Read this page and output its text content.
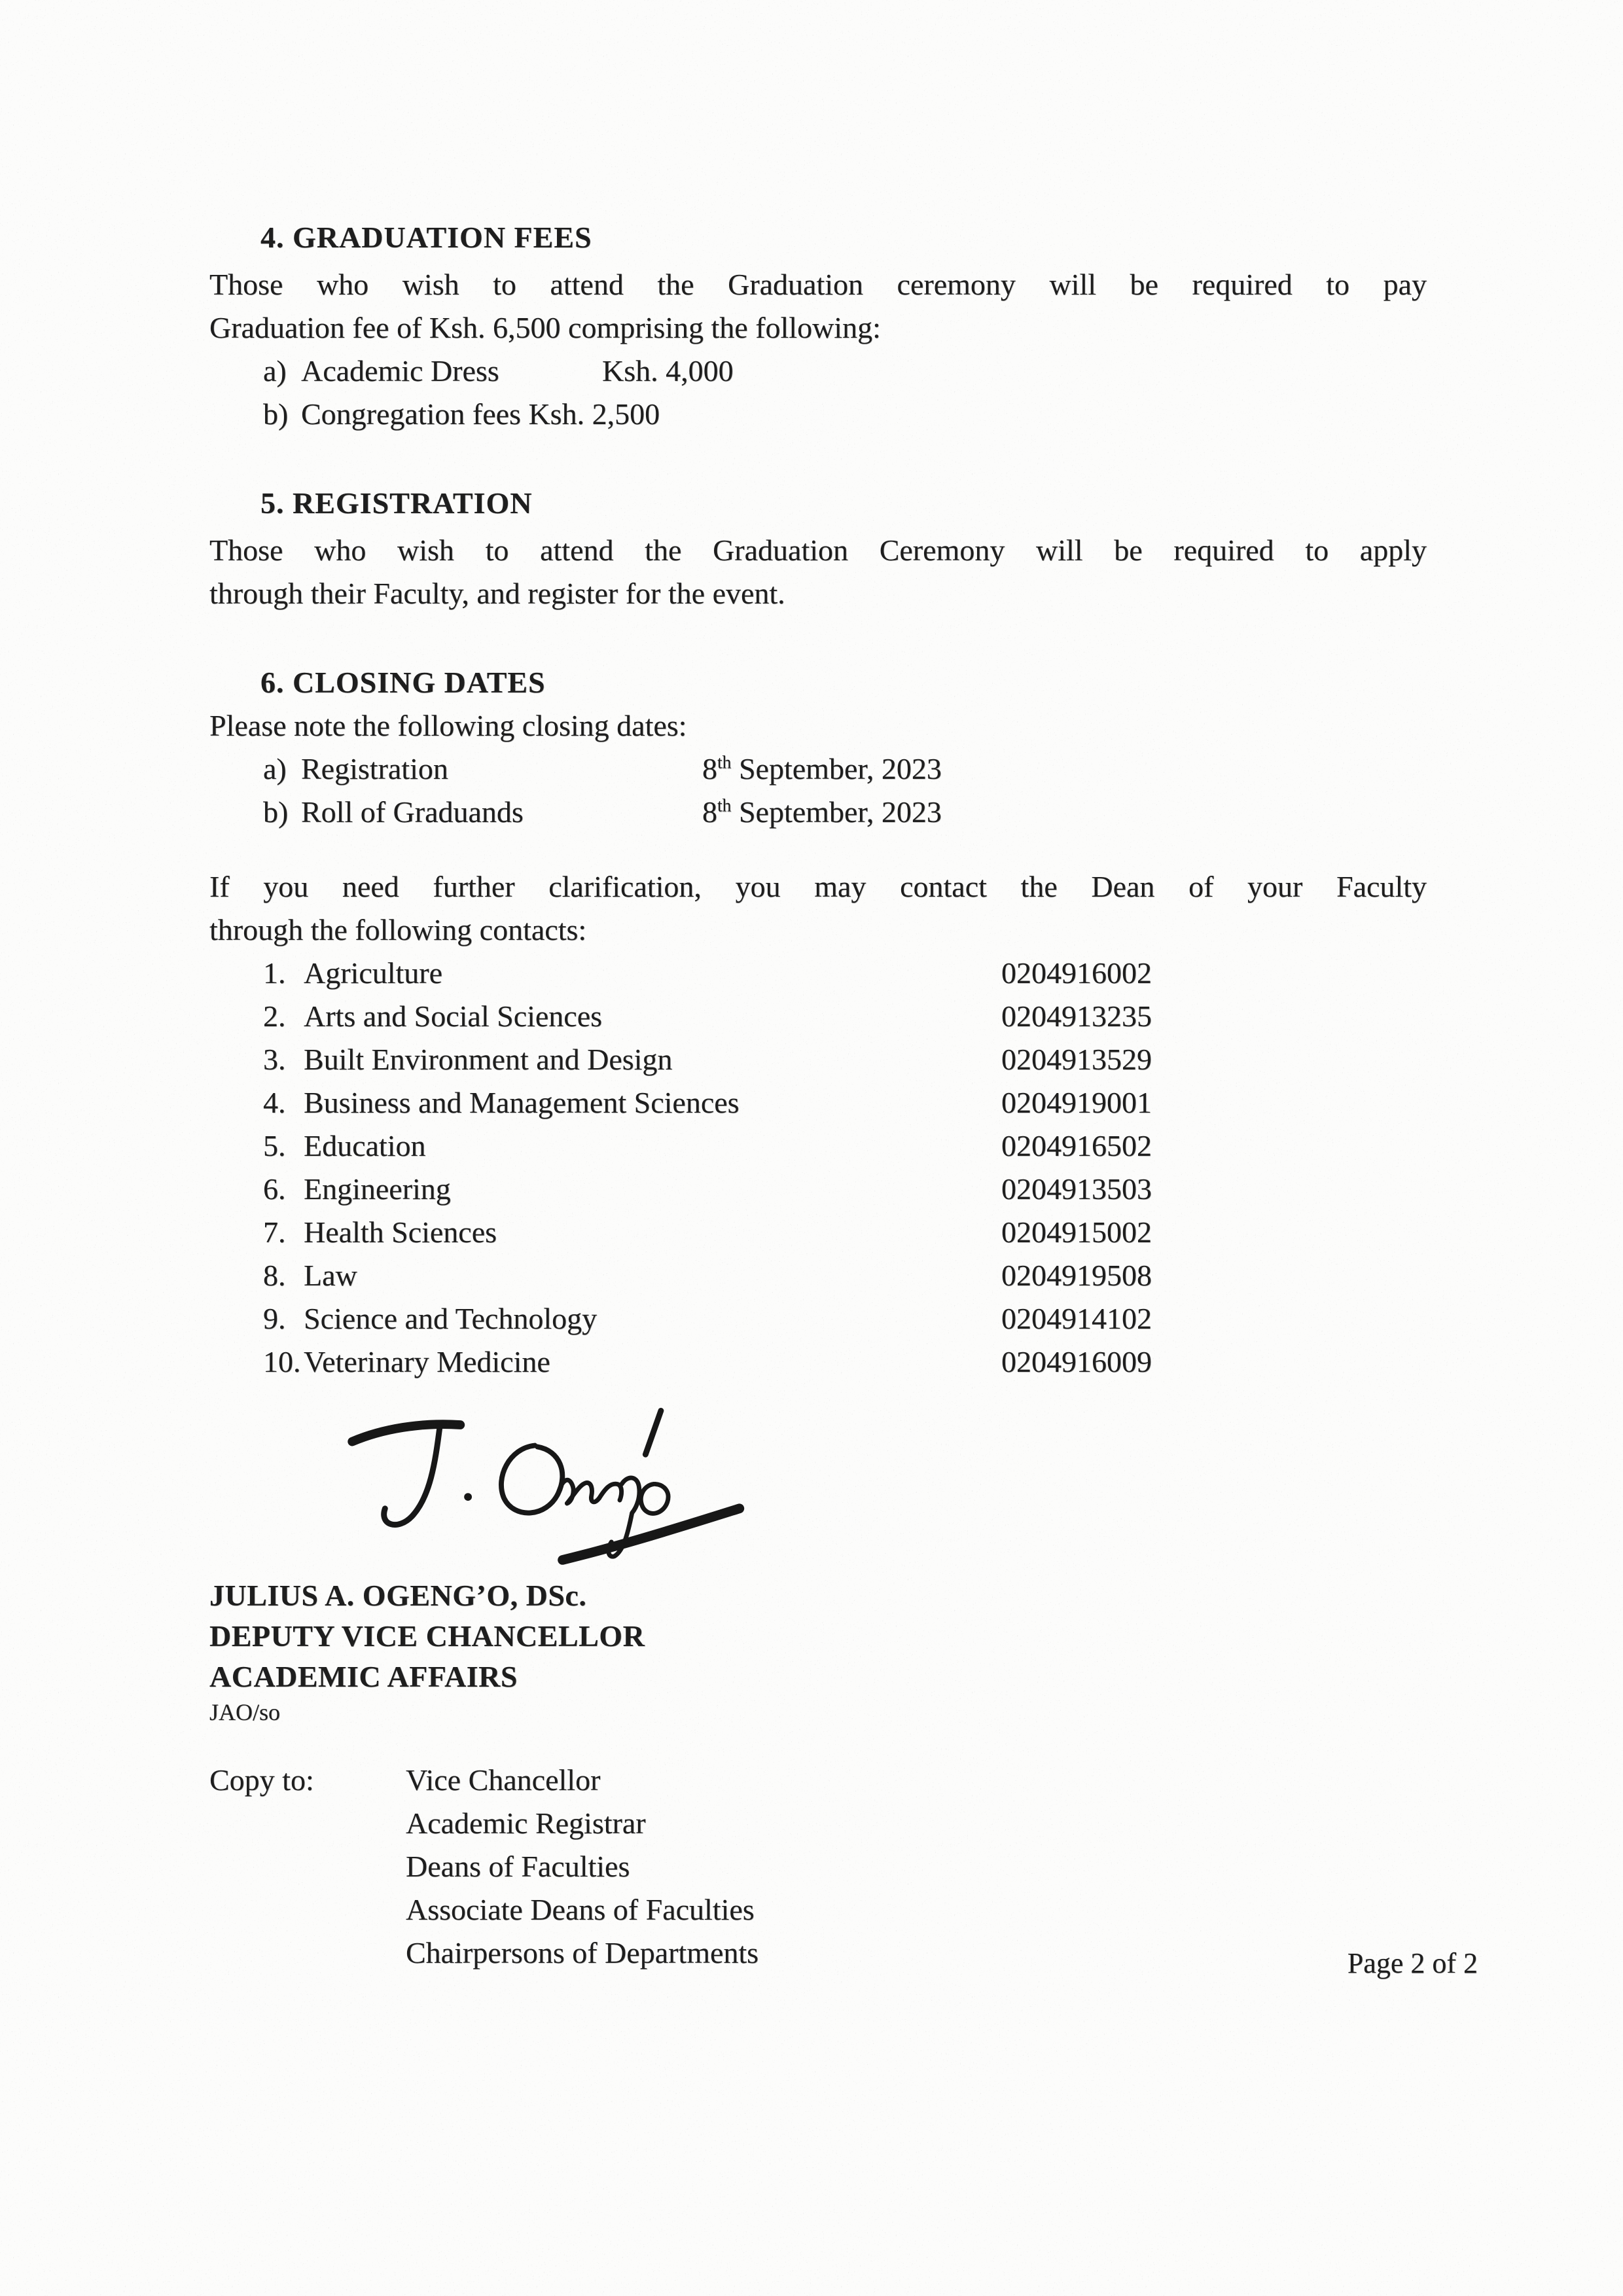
4. GRADUATION FEES
Those who wish to attend the Graduation ceremony will be required to pay
Graduation fee of Ksh. 6,500 comprising the following:
a) Academic Dress	Ksh. 4,000
b) Congregation fees Ksh. 2,500
5. REGISTRATION
Those who wish to attend the Graduation Ceremony will be required to apply
through their Faculty, and register for the event.
6. CLOSING DATES
Please note the following closing dates:
a) Registration	8th September, 2023
b) Roll of Graduands	8th September, 2023
If you need further clarification, you may contact the Dean of your Faculty
through the following contacts:
1. Agriculture	0204916002
2. Arts and Social Sciences	0204913235
3. Built Environment and Design	0204913529
4. Business and Management Sciences	0204919001
5. Education	0204916502
6. Engineering	0204913503
7. Health Sciences	0204915002
8. Law	0204919508
9. Science and Technology	0204914102
10.Veterinary Medicine	0204916009
JULIUS A. OGENG’O, DSc.
DEPUTY VICE CHANCELLOR
ACADEMIC AFFAIRS
JAO/so
Copy to:	Vice Chancellor
Academic Registrar
Deans of Faculties
Associate Deans of Faculties
Chairpersons of Departments	Page 2 of 2
